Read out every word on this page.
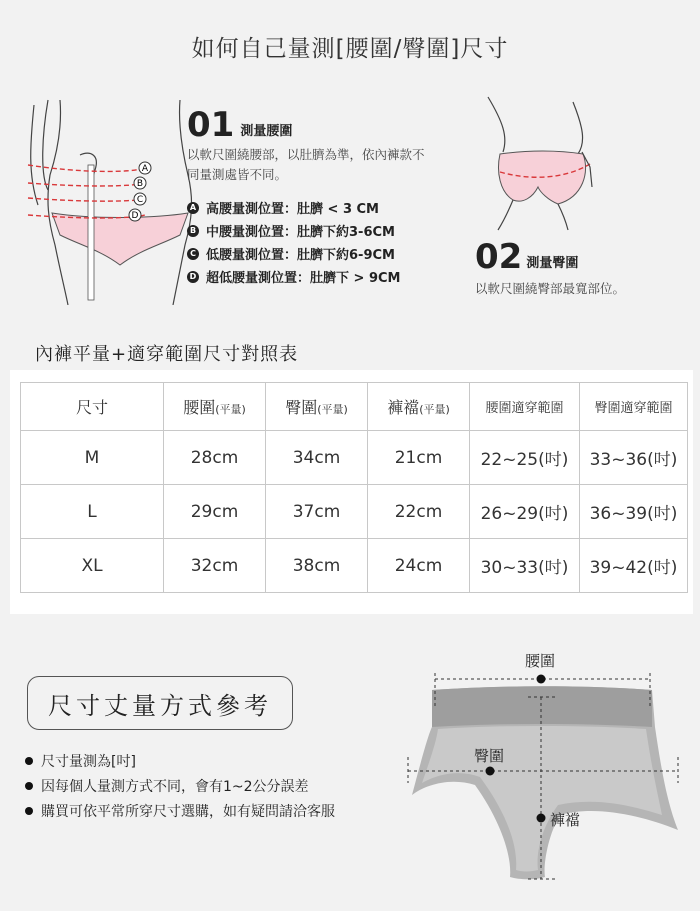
如何自己量測[腰圍/臀圍]尺寸
A
B
C
D
01 測量腰圍
以軟尺圍繞腰部，以肚臍為準，依內褲款不
同量測處皆不同。
A 高腰量測位置：肚臍 < 3 CM
B 中腰量測位置：肚臍下約3-6CM
C 低腰量測位置：肚臍下約6-9CM
D 超低腰量測位置：肚臍下 > 9CM
02 測量臀圍
以軟尺圍繞臀部最寬部位。
內褲平量+適穿範圍尺寸對照表
尺寸	腰圍(平量)	臀圍(平量)	褲襠(平量)	腰圍適穿範圍	臀圍適穿範圍
M	28cm	34cm	21cm	22~25(吋)	33~36(吋)
L	29cm	37cm	22cm	26~29(吋)	36~39(吋)
XL	32cm	38cm	24cm	30~33(吋)	39~42(吋)
尺寸丈量方式參考
尺寸量測為[吋]
因每個人量測方式不同，會有1~2公分誤差
購買可依平常所穿尺寸選購，如有疑問請洽客服
腰圍
臀圍
褲襠
